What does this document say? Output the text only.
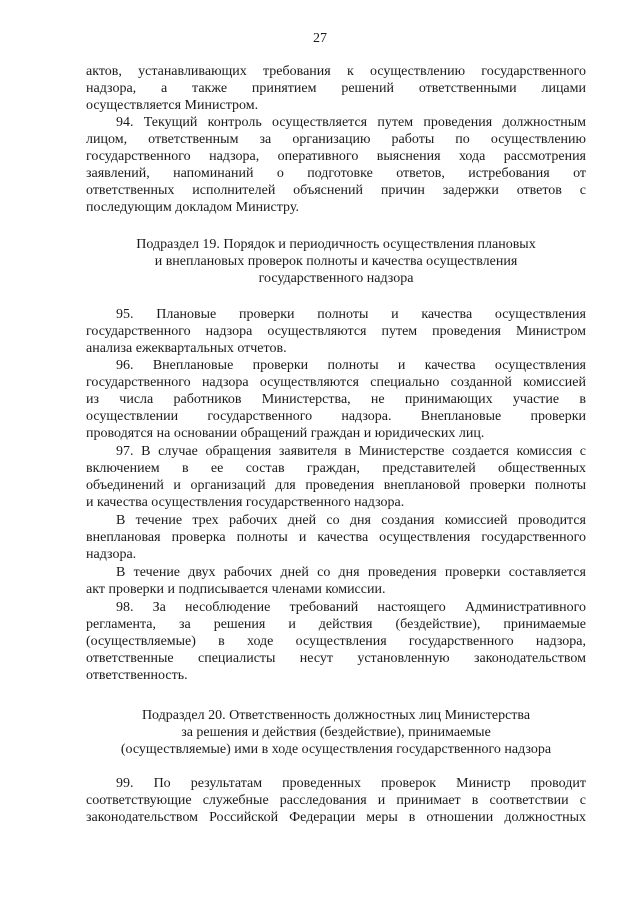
27
актов, устанавливающих требования к осуществлению государственного
надзора, а также принятием решений ответственными лицами
осуществляется Министром.
94. Текущий контроль осуществляется путем проведения должностным
лицом, ответственным за организацию работы по осуществлению
государственного надзора, оперативного выяснения хода рассмотрения
заявлений, напоминаний о подготовке ответов, истребования от
ответственных исполнителей объяснений причин задержки ответов с
последующим докладом Министру.
Подраздел 19. Порядок и периодичность осуществления плановых
и внеплановых проверок полноты и качества осуществления
государственного надзора
95. Плановые проверки полноты и качества осуществления
государственного надзора осуществляются путем проведения Министром
анализа ежеквартальных отчетов.
96. Внеплановые проверки полноты и качества осуществления
государственного надзора осуществляются специально созданной комиссией
из числа работников Министерства, не принимающих участие в
осуществлении государственного надзора. Внеплановые проверки
проводятся на основании обращений граждан и юридических лиц.
97. В случае обращения заявителя в Министерстве создается комиссия с
включением в ее состав граждан, представителей общественных
объединений и организаций для проведения внеплановой проверки полноты
и качества осуществления государственного надзора.
В течение трех рабочих дней со дня создания комиссией проводится
внеплановая проверка полноты и качества осуществления государственного
надзора.
В течение двух рабочих дней со дня проведения проверки составляется
акт проверки и подписывается членами комиссии.
98. За несоблюдение требований настоящего Административного
регламента, за решения и действия (бездействие), принимаемые
(осуществляемые) в ходе осуществления государственного надзора,
ответственные специалисты несут установленную законодательством
ответственность.
Подраздел 20. Ответственность должностных лиц Министерства
за решения и действия (бездействие), принимаемые
(осуществляемые) ими в ходе осуществления государственного надзора
99. По результатам проведенных проверок Министр проводит
соответствующие служебные расследования и принимает в соответствии с
законодательством Российской Федерации меры в отношении должностных
